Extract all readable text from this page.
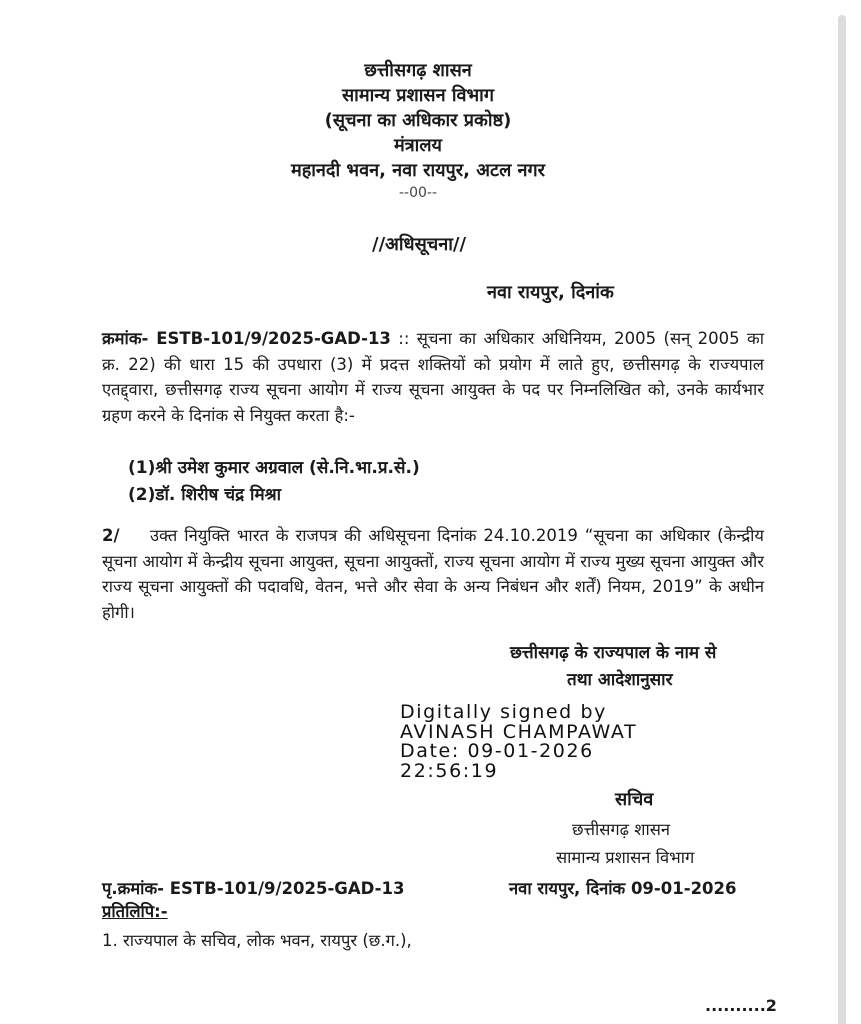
छत्तीसगढ़ शासन
सामान्य प्रशासन विभाग
(सूचना का अधिकार प्रकोष्ठ)
मंत्रालय
महानदी भवन, नवा रायपुर, अटल नगर
--00--
//अधिसूचना//
नवा रायपुर, दिनांक
क्रमांक- ESTB-101/9/2025-GAD-13 :: सूचना का अधिकार अधिनियम, 2005 (सन् 2005 का क्र. 22) की धारा 15 की उपधारा (3) में प्रदत्त शक्तियों को प्रयोग में लाते हुए, छत्तीसगढ़ के राज्यपाल एतद्द्वारा, छत्तीसगढ़ राज्य सूचना आयोग में राज्य सूचना आयुक्त के पद पर निम्नलिखित को, उनके कार्यभार ग्रहण करने के दिनांक से नियुक्त करता है:-
(1)श्री उमेश कुमार अग्रवाल (से.नि.भा.प्र.से.)
(2)डॉ. शिरीष चंद्र मिश्रा
2/ उक्त नियुक्ति भारत के राजपत्र की अधिसूचना दिनांक 24.10.2019 “सूचना का अधिकार (केन्द्रीय सूचना आयोग में केन्द्रीय सूचना आयुक्त, सूचना आयुक्तों, राज्य सूचना आयोग में राज्य मुख्य सूचना आयुक्त और राज्य सूचना आयुक्तों की पदावधि, वेतन, भत्ते और सेवा के अन्य निबंधन और शर्तें) नियम, 2019” के अधीन होगी।
छत्तीसगढ़ के राज्यपाल के नाम से
तथा आदेशानुसार
Digitally signed by
AVINASH CHAMPAWAT
Date: 09-01-2026
22:56:19
सचिव
छत्तीसगढ़ शासन
सामान्य प्रशासन विभाग
पृ.क्रमांक- ESTB-101/9/2025-GAD-13	नवा रायपुर, दिनांक 09-01-2026
प्रतिलिपि:-
1. राज्यपाल के सचिव, लोक भवन, रायपुर (छ.ग.),
..........2
